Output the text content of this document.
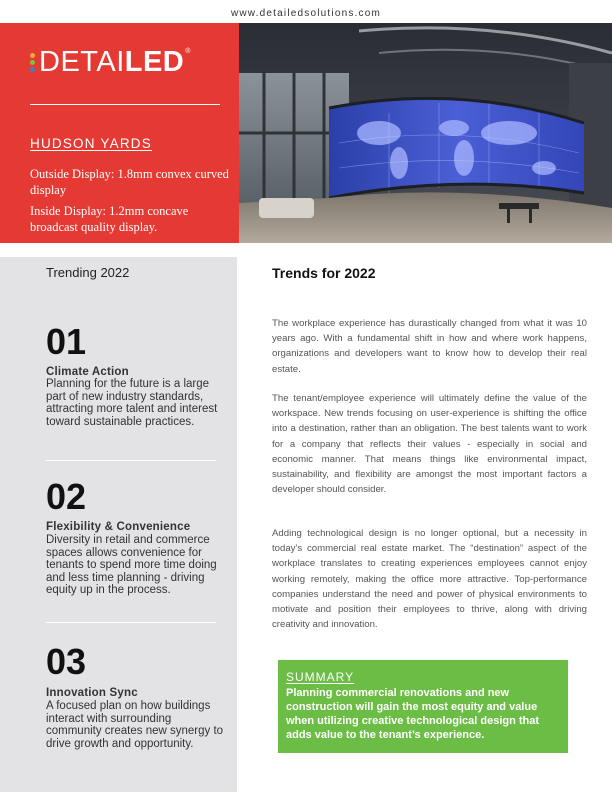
www.detailedsolutions.com
DETAILED ®
HUDSON YARDS
Outside Display: 1.8mm convex curved display
Inside Display: 1.2mm concave broadcast quality display.
Trending 2022
01
Climate Action
Planning for the future is a large part of new industry standards, attracting more talent and interest toward sustainable practices.
02
Flexibility & Convenience
Diversity in retail and commerce spaces allows convenience for tenants to spend more time doing and less time planning - driving equity up in the process.
03
Innovation Sync
A focused plan on how buildings interact with surrounding community creates new synergy to drive growth and opportunity.
Trends for 2022
The workplace experience has durastically changed from what it was 10 years ago. With a fundamental shift in how and where work happens, organizations and developers want to know how to develop their real estate.
The tenant/employee experience will ultimately define the value of the workspace. New trends focusing on user-experience is shifting the office into a destination, rather than an obligation. The best talents want to work for a company that reflects their values - especially in social and economic manner. That means things like environmental impact, sustainability, and flexibility are amongst the most important factors a developer should consider.
Adding technological design is no longer optional, but a necessity in today’s commercial real estate market. The “destination” aspect of the workplace translates to creating experiences employees cannot enjoy working remotely, making the office more attractive. Top-performance companies understand the need and power of physical environments to motivate and position their employees to thrive, along with driving creativity and innovation.
SUMMARY
Planning commercial renovations and new construction will gain the most equity and value when utilizing creative technological design that adds value to the tenant’s experience.
